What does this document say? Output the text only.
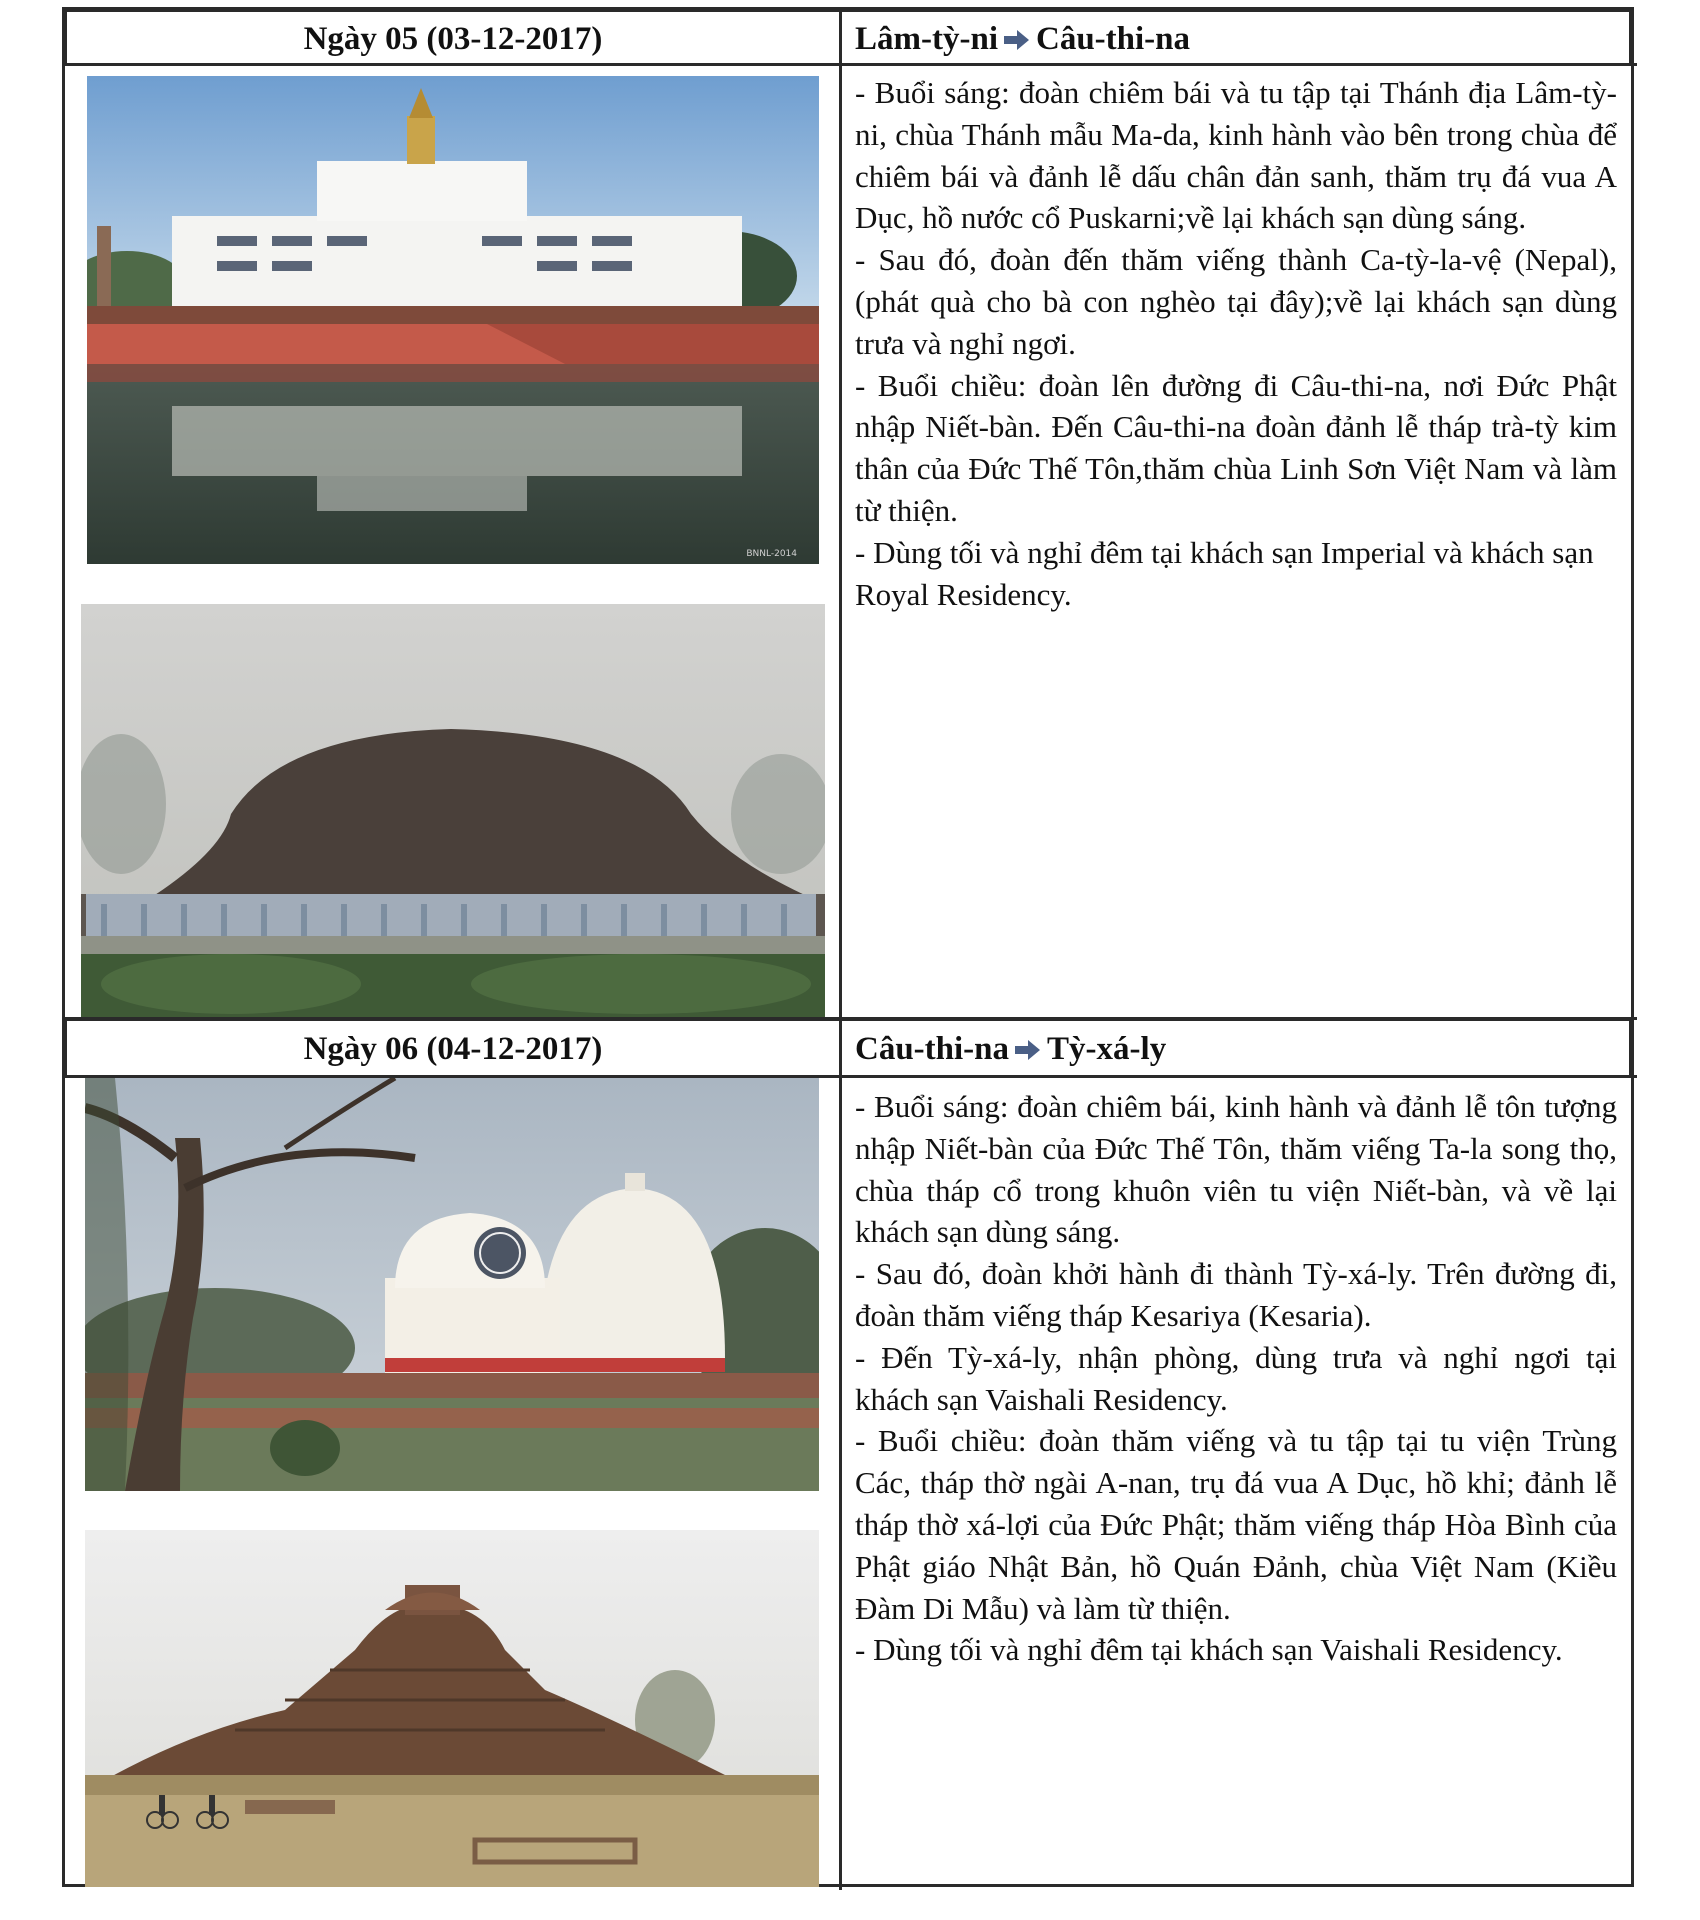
Ngày 05 (03-12-2017)	Lâm-tỳ-ni Câu-thi-na
BNNL-2014

- Buổi sáng: đoàn chiêm bái và tu tập tại Thánh địa Lâm-tỳ-ni, chùa Thánh mẫu Ma-da, kinh hành vào bên trong chùa để chiêm bái và đảnh lễ dấu chân đản sanh, thăm trụ đá vua A Dục, hồ nước cổ Puskarni;về lại khách sạn dùng sáng.

- Sau đó, đoàn đến thăm viếng thành Ca-tỳ-la-vệ (Nepal),(phát quà cho bà con nghèo tại đây);về lại khách sạn dùng trưa và nghỉ ngơi.

- Buổi chiều: đoàn lên đường đi Câu-thi-na, nơi Đức Phật nhập Niết-bàn. Đến Câu-thi-na đoàn đảnh lễ tháp trà-tỳ kim thân của Đức Thế Tôn,thăm chùa Linh Sơn Việt Nam và làm từ thiện.

- Dùng tối và nghỉ đêm tại khách sạn Imperial và khách sạn Royal Residency.

Ngày 06 (04-12-2017)	Câu-thi-na Tỳ-xá-ly

- Buổi sáng: đoàn chiêm bái, kinh hành và đảnh lễ tôn tượng nhập Niết-bàn của Đức Thế Tôn, thăm viếng Ta-la song thọ, chùa tháp cổ trong khuôn viên tu viện Niết-bàn, và về lại khách sạn dùng sáng.

- Sau đó, đoàn khởi hành đi thành Tỳ-xá-ly. Trên đường đi, đoàn thăm viếng tháp Kesariya (Kesaria).

- Đến Tỳ-xá-ly, nhận phòng, dùng trưa và nghỉ ngơi tại khách sạn Vaishali Residency.

- Buổi chiều: đoàn thăm viếng và tu tập tại tu viện Trùng Các, tháp thờ ngài A-nan, trụ đá vua A Dục, hồ khỉ; đảnh lễ tháp thờ xá-lợi của Đức Phật; thăm viếng tháp Hòa Bình của Phật giáo Nhật Bản, hồ Quán Đảnh, chùa Việt Nam (Kiều Đàm Di Mẫu) và làm từ thiện.

- Dùng tối và nghỉ đêm tại khách sạn Vaishali Residency.
